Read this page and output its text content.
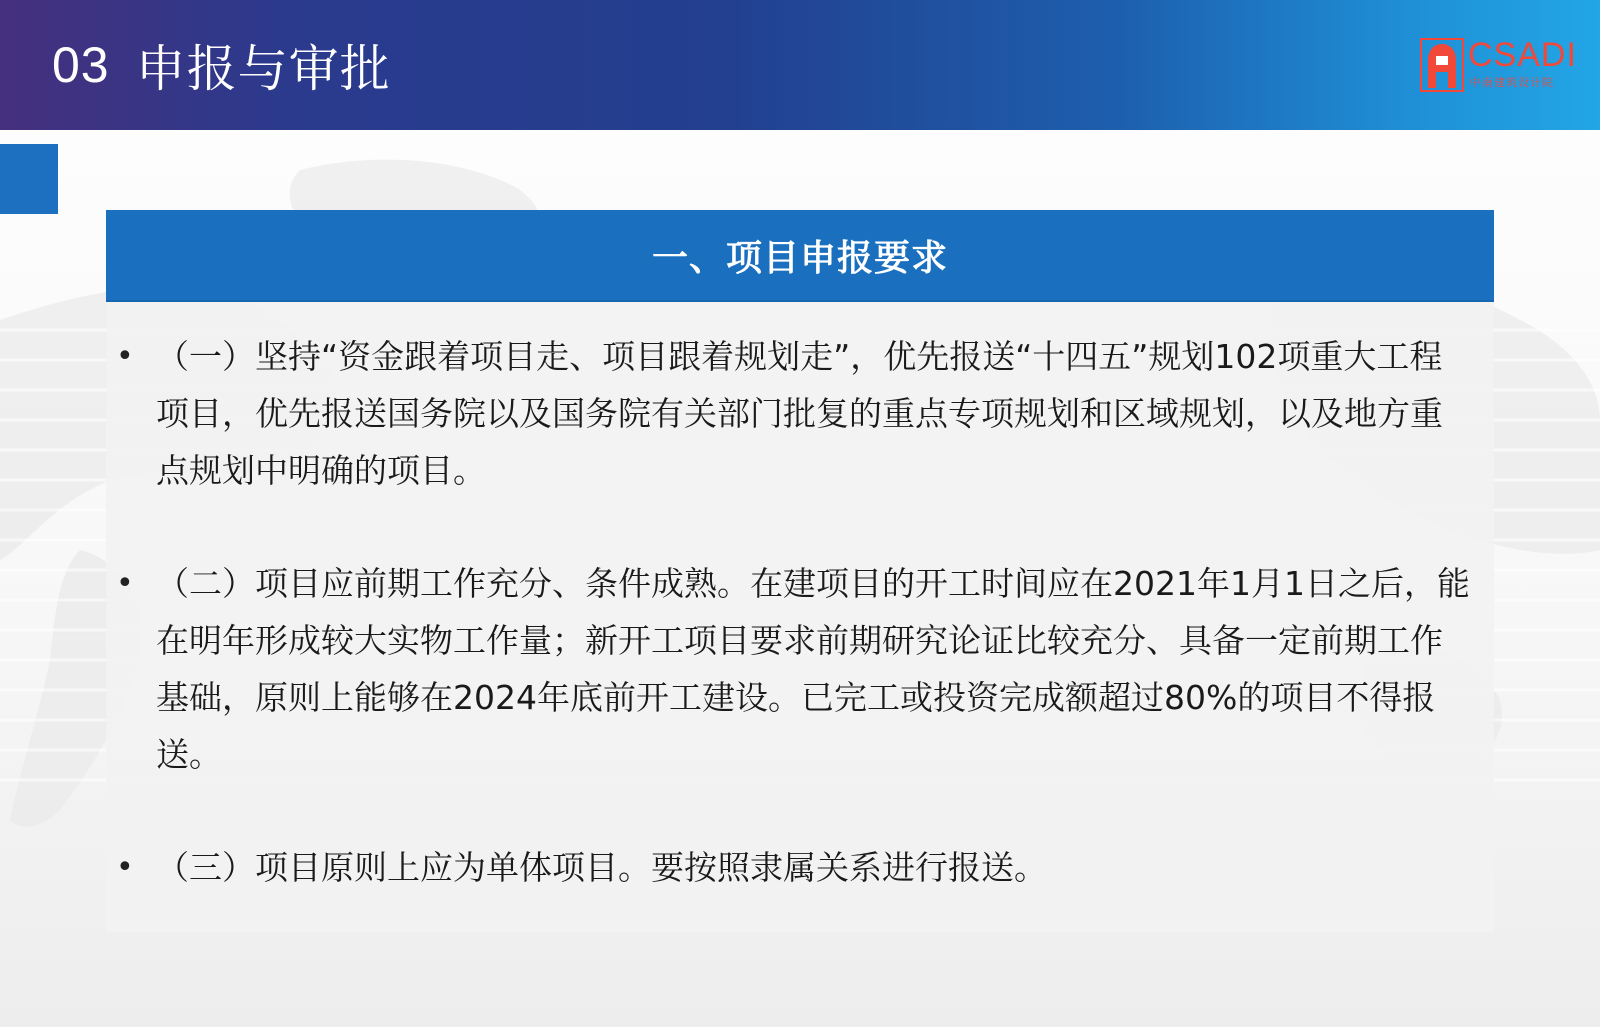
03 申报与审批	CSADI
中南建筑设计院
一、项目申报要求
• （一）坚持“资金跟着项目走、项目跟着规划走”，优先报送“十四五”规划102项重大工程项目，优先报送国务院以及国务院有关部门批复的重点专项规划和区域规划，以及地方重点规划中明确的项目。
• （二）项目应前期工作充分、条件成熟。在建项目的开工时间应在2021年1月1日之后，能在明年形成较大实物工作量；新开工项目要求前期研究论证比较充分、具备一定前期工作基础，原则上能够在2024年底前开工建设。已完工或投资完成额超过80%的项目不得报送。
• （三）项目原则上应为单体项目。要按照隶属关系进行报送。
